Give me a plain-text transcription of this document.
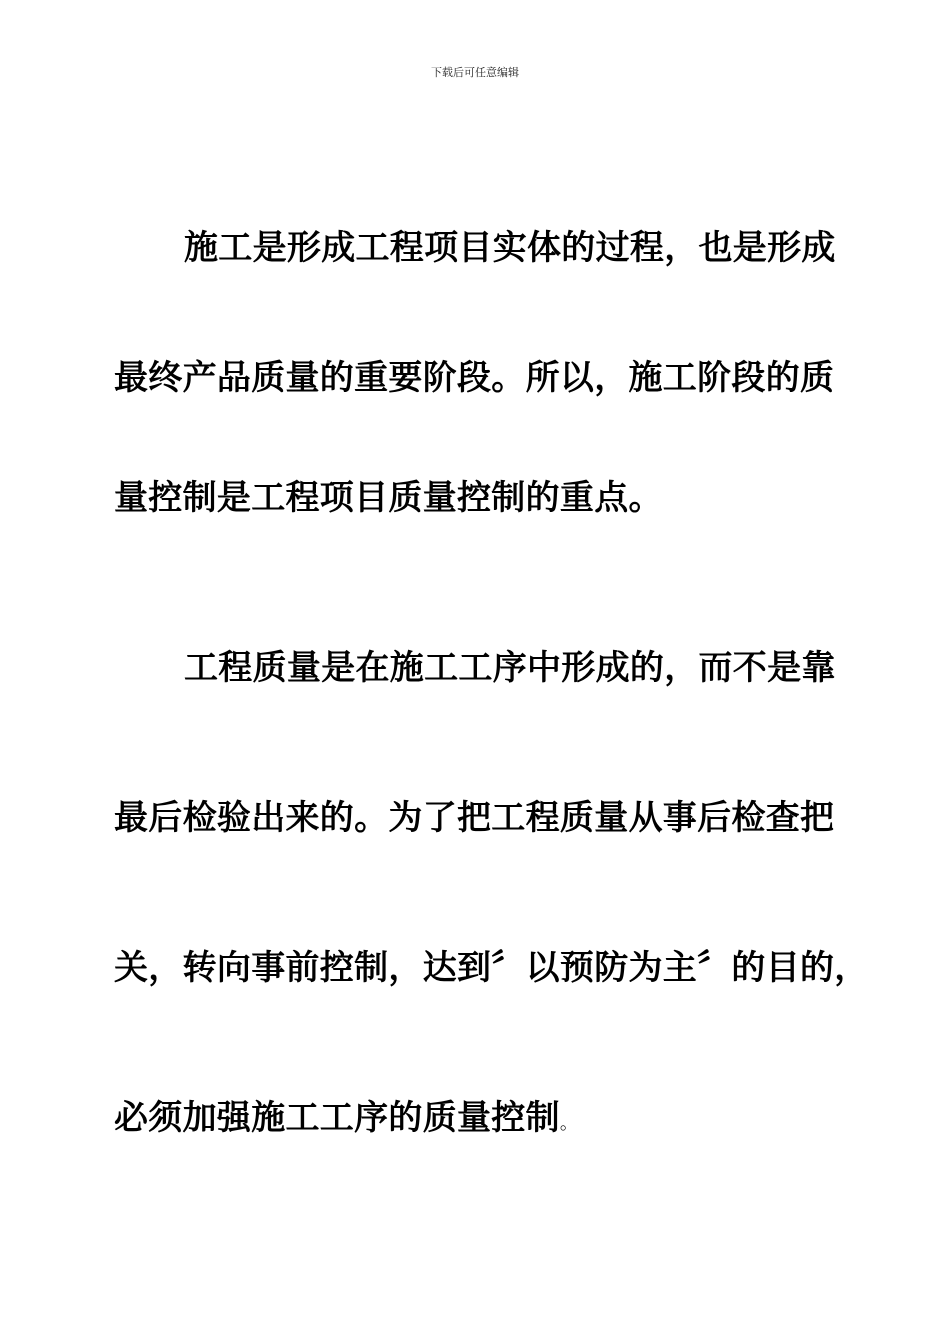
下载后可任意编辑
施工是形成工程项目实体的过程，也是形成
最终产品质量的重要阶段。所以，施工阶段的质
量控制是工程项目质量控制的重点。
工程质量是在施工工序中形成的，而不是靠
最后检验出来的。为了把工程质量从事后检查把
关，转向事前控制，达到〞以预防为主〞的目的，
必须加强施工工序的质量控制。
